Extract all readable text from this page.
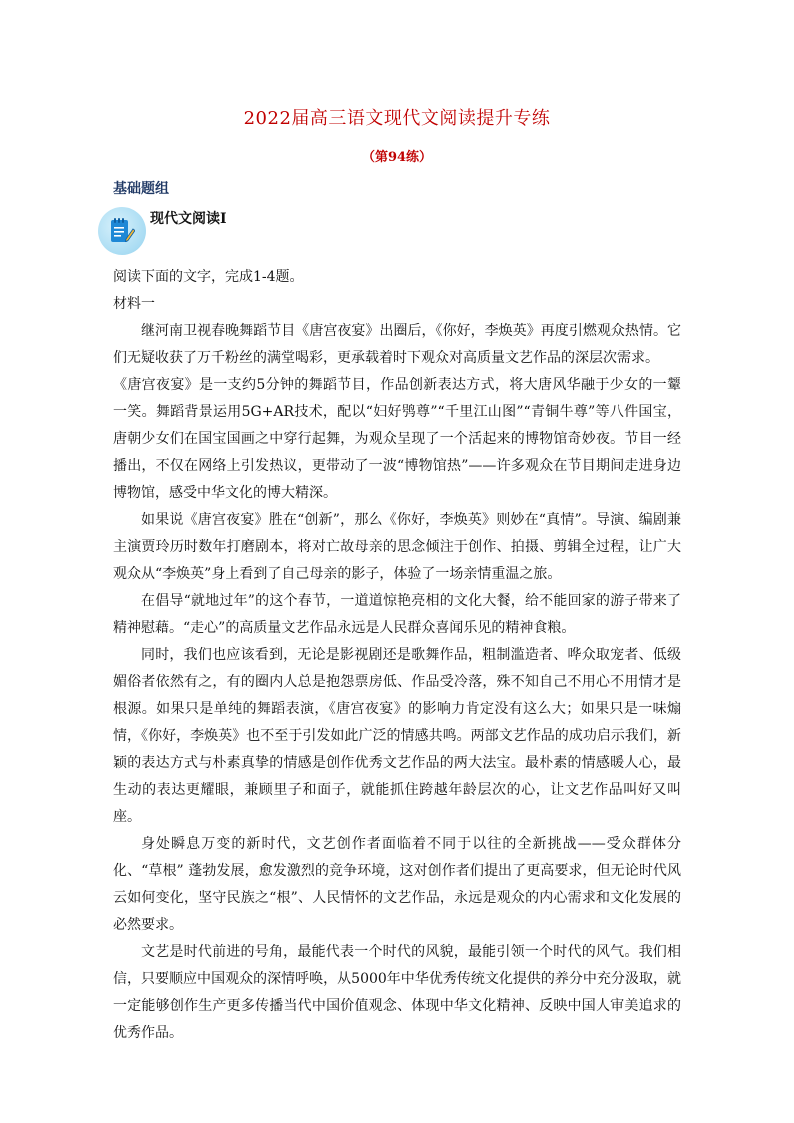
2022届高三语文现代文阅读提升专练
（第94练）
基础题组
现代文阅读Ⅰ

阅读下面的文字，完成1-4题。

材料一

继河南卫视春晚舞蹈节目《唐宫夜宴》出圈后，《你好，李焕英》再度引燃观众热情。它们无疑收获了万千粉丝的满堂喝彩，更承载着时下观众对高质量文艺作品的深层次需求。

《唐宫夜宴》是一支约5分钟的舞蹈节目，作品创新表达方式，将大唐风华融于少女的一颦一笑。舞蹈背景运用5G+AR技术，配以“妇好鸮尊”“千里江山图”“青铜牛尊”等八件国宝，唐朝少女们在国宝国画之中穿行起舞，为观众呈现了一个活起来的博物馆奇妙夜。节目一经播出，不仅在网络上引发热议，更带动了一波“博物馆热”——许多观众在节目期间走进身边博物馆，感受中华文化的博大精深。

如果说《唐宫夜宴》胜在“创新”，那么《你好，李焕英》则妙在“真情”。导演、编剧兼主演贾玲历时数年打磨剧本，将对亡故母亲的思念倾注于创作、拍摄、剪辑全过程，让广大观众从“李焕英”身上看到了自己母亲的影子，体验了一场亲情重温之旅。

在倡导“就地过年”的这个春节，一道道惊艳亮相的文化大餐，给不能回家的游子带来了精神慰藉。“走心”的高质量文艺作品永远是人民群众喜闻乐见的精神食粮。

同时，我们也应该看到，无论是影视剧还是歌舞作品，粗制滥造者、哗众取宠者、低级媚俗者依然有之，有的圈内人总是抱怨票房低、作品受冷落，殊不知自己不用心不用情才是根源。如果只是单纯的舞蹈表演，《唐宫夜宴》的影响力肯定没有这么大；如果只是一味煽情，《你好，李焕英》也不至于引发如此广泛的情感共鸣。两部文艺作品的成功启示我们，新颖的表达方式与朴素真挚的情感是创作优秀文艺作品的两大法宝。最朴素的情感暖人心，最生动的表达更耀眼，兼顾里子和面子，就能抓住跨越年龄层次的心，让文艺作品叫好又叫座。

身处瞬息万变的新时代，文艺创作者面临着不同于以往的全新挑战——受众群体分化、“草根” 蓬勃发展，愈发激烈的竞争环境，这对创作者们提出了更高要求，但无论时代风云如何变化，坚守民族之“根”、人民情怀的文艺作品，永远是观众的内心需求和文化发展的必然要求。

文艺是时代前进的号角，最能代表一个时代的风貌，最能引领一个时代的风气。我们相信，只要顺应中国观众的深情呼唤，从5000年中华优秀传统文化提供的养分中充分汲取，就一定能够创作生产更多传播当代中国价值观念、体现中华文化精神、反映中国人审美追求的优秀作品。
